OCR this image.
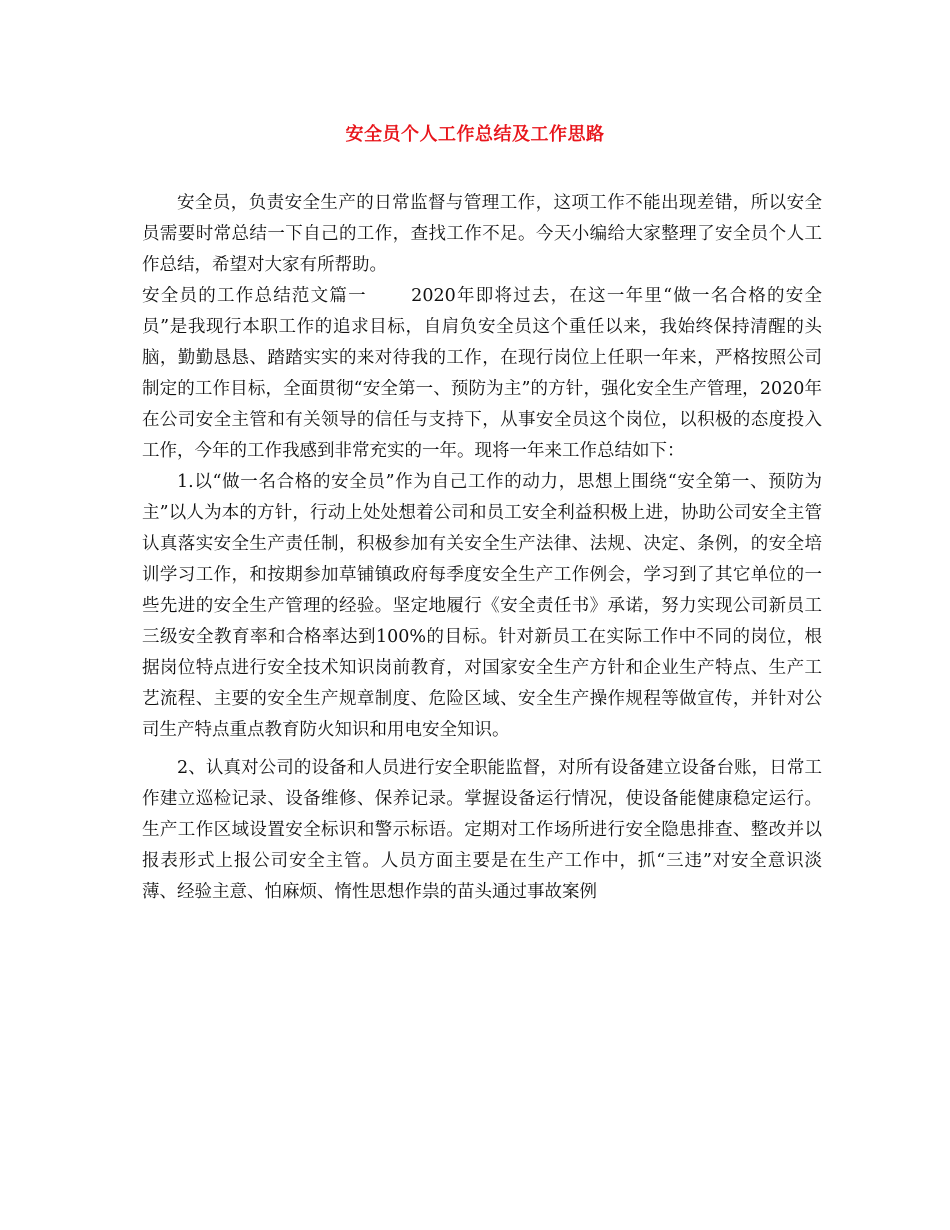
安全员个人工作总结及工作思路

安全员，负责安全生产的日常监督与管理工作，这项工作不能出现差错，所以安全员需要时常总结一下自己的工作，查找工作不足。今天小编给大家整理了安全员个人工作总结，希望对大家有所帮助。

安全员的工作总结范文篇一　　 2020年即将过去，在这一年里“做一名合格的安全员”是我现行本职工作的追求目标，自肩负安全员这个重任以来，我始终保持清醒的头脑，勤勤恳恳、踏踏实实的来对待我的工作，在现行岗位上任职一年来，严格按照公司制定的工作目标，全面贯彻“安全第一、预防为主”的方针，强化安全生产管理，2020年在公司安全主管和有关领导的信任与支持下，从事安全员这个岗位，以积极的态度投入工作，今年的工作我感到非常充实的一年。现将一年来工作总结如下：

1.以“做一名合格的安全员”作为自己工作的动力，思想上围绕“安全第一、预防为主”以人为本的方针，行动上处处想着公司和员工安全利益积极上进，协助公司安全主管认真落实安全生产责任制，积极参加有关安全生产法律、法规、决定、条例，的安全培训学习工作，和按期参加草铺镇政府每季度安全生产工作例会，学习到了其它单位的一些先进的安全生产管理的经验。坚定地履行《安全责任书》承诺，努力实现公司新员工三级安全教育率和合格率达到100%的目标。针对新员工在实际工作中不同的岗位，根据岗位特点进行安全技术知识岗前教育，对国家安全生产方针和企业生产特点、生产工艺流程、主要的安全生产规章制度、危险区域、安全生产操作规程等做宣传，并针对公司生产特点重点教育防火知识和用电安全知识。

2、认真对公司的设备和人员进行安全职能监督，对所有设备建立设备台账，日常工作建立巡检记录、设备维修、保养记录。掌握设备运行情况，使设备能健康稳定运行。生产工作区域设置安全标识和警示标语。定期对工作场所进行安全隐患排查、整改并以报表形式上报公司安全主管。人员方面主要是在生产工作中，抓“三违”对安全意识淡薄、经验主意、怕麻烦、惰性思想作祟的苗头通过事故案例
